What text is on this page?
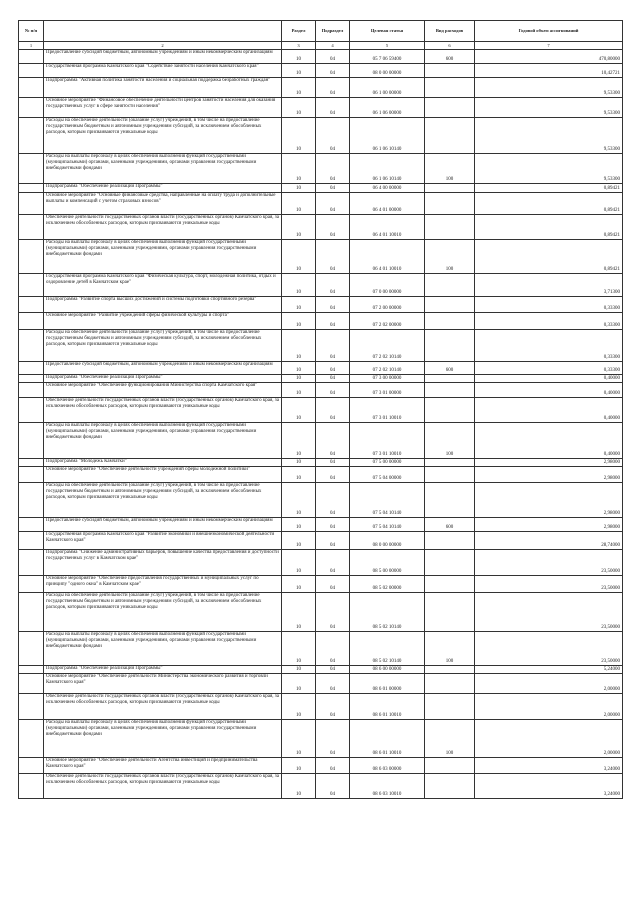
№ п/п		Раздел	Подраздел	Целевая статья	Вид расходов	Годовой объем ассигнований
1	2	3	4	5	6	7
	Предоставление субсидий бюджетным, автономным учреждениям и иным некоммерческим организациям	10	04	05 7 06 59400	600	470,80000
	Государственная программа Камчатского края "Содействие занятости населения Камчатского края"	10	04	08 0 00 00000		10,42721
	Подпрограмма "Активная политика занятости населения и социальная поддержка безработных граждан"	10	04	06 1 00 00000		9,53300
	Основное мероприятие "Финансовое обеспечение деятельности центров занятости населения для оказания государственных услуг в сфере занятости населения"	10	04	06 1 06 00000		9,53300
	Расходы на обеспечение деятельности (оказание услуг) учреждений, в том числе на предоставление государственным бюджетным и автономным учреждениям субсидий, за исключением обособленных расходов, которым присваиваются уникальные коды	10	04	06 1 06 10140		9,53300
	Расходы на выплаты персоналу в целях обеспечения выполнения функций государственными (муниципальными) органами, казенными учреждениями, органами управления государственными внебюджетными фондами	10	04	06 1 06 10140	100	9,53300
	Подпрограмма "Обеспечение реализации Программы"	10	04	06 4 00 00000		0,89421
	Основное мероприятие "Основные финансовые средства, направленные на оплату труда и дополнительные выплаты и компенсаций с учетом страховых взносов"	10	04	06 4 01 00000		0,89421
	Обеспечение деятельности государственных органов власти (государственных органов) Камчатского края, за исключением обособленных расходов, которым присваиваются уникальные коды	10	04	06 4 01 10010		0,89421
	Расходы на выплаты персоналу в целях обеспечения выполнения функций государственными (муниципальными) органами, казенными учреждениями, органами управления государственными внебюджетными фондами	10	04	06 4 01 10010	100	0,89421
	Государственная программа Камчатского края "Физическая культура, спорт, молодежная политика, отдых и оздоровление детей в Камчатском крае"	10	04	07 0 00 00000		3,71300
	Подпрограмма "Развитие спорта высших достижений и системы подготовки спортивного резерва"	10	04	07 2 00 00000		0,33300
	Основное мероприятие "Развитие учреждений сферы физической культуры и спорта"	10	04	07 2 02 00000		0,33300
	Расходы на обеспечение деятельности (оказание услуг) учреждений, в том числе на предоставление государственным бюджетным и автономным учреждениям субсидий, за исключением обособленных расходов, которым присваиваются уникальные коды	10	04	07 2 02 10140		0,33300
	Предоставление субсидий бюджетным, автономным учреждениям и иным некоммерческим организациям	10	04	07 2 02 10140	600	0,33300
	Подпрограмма "Обеспечение реализации Программы"	10	04	07 3 00 00000		0,40000
	Основное мероприятие "Обеспечение функционирования Министерства спорта Камчатского края"	10	04	07 3 01 00000		0,40000
	Обеспечение деятельности государственных органов власти (государственных органов) Камчатского края, за исключением обособленных расходов, которым присваиваются уникальные коды	10	04	07 3 01 10010		0,40000
	Расходы на выплаты персоналу в целях обеспечения выполнения функций государственными (муниципальными) органами, казенными учреждениями, органами управления государственными внебюджетными фондами	10	04	07 3 01 10010	100	0,40000
	Подпрограмма "Молодежь Камчатки"	10	04	07 5 00 00000		2,98000
	Основное мероприятие "Обеспечение деятельности учреждений сферы молодежной политики"	10	04	07 5 04 00000		2,98000
	Расходы на обеспечение деятельности (оказание услуг) учреждений, в том числе на предоставление государственным бюджетным и автономным учреждениям субсидий, за исключением обособленных расходов, которым присваиваются уникальные коды	10	04	07 5 04 10140		2,98000
	Предоставление субсидий бюджетным, автономным учреждениям и иным некоммерческим организациям	10	04	07 5 04 10140	600	2,98000
	Государственная программа Камчатского края "Развитие экономики и внешнеэкономической деятельности Камчатского края"	10	04	08 0 00 00000		28,74000
	Подпрограмма "Снижение административных барьеров, повышение качества предоставления и доступности государственных услуг в Камчатском крае"	10	04	08 5 00 00000		23,50000
	Основное мероприятие "Обеспечение предоставления государственных и муниципальных услуг по принципу "одного окна" в Камчатском крае"	10	04	08 5 02 00000		23,50000
	Расходы на обеспечение деятельности (оказание услуг) учреждений, в том числе на предоставление государственным бюджетным и автономным учреждениям субсидий, за исключением обособленных расходов, которым присваиваются уникальные коды	10	04	08 5 02 10140		23,50000
	Расходы на выплаты персоналу в целях обеспечения выполнения функций государственными (муниципальными) органами, казенными учреждениями, органами управления государственными внебюджетными фондами	10	04	08 5 02 10140	100	23,50000
	Подпрограмма "Обеспечение реализации Программы"	10	04	08 6 00 00000		5,24000
	Основное мероприятие "Обеспечение деятельности Министерства экономического развития и торговли Камчатского края"	10	04	08 6 01 00000		2,00000
	Обеспечение деятельности государственных органов власти (государственных органов) Камчатского края, за исключением обособленных расходов, которым присваиваются уникальные коды	10	04	08 6 01 10010		2,00000
	Расходы на выплаты персоналу в целях обеспечения выполнения функций государственными (муниципальными) органами, казенными учреждениями, органами управления государственными внебюджетными фондами	10	04	08 6 01 10010	100	2,00000
	Основное мероприятие "Обеспечение деятельности Агентства инвестиций и предпринимательства Камчатского края"	10	04	08 6 03 00000		3,24000
	Обеспечение деятельности государственных органов власти (государственных органов) Камчатского края, за исключением обособленных расходов, которым присваиваются уникальные коды	10	04	08 6 03 10010		3,24000
